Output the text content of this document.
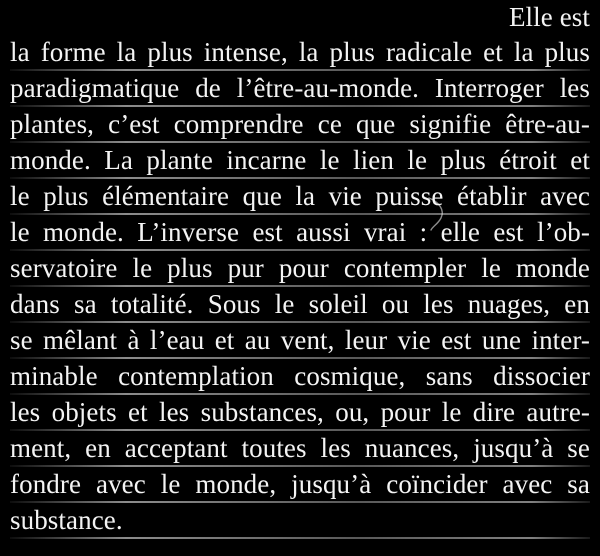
Elle est
la forme la plus intense, la plus radicale et la plus
paradigmatique de l’être-au-monde. Interroger les
plantes, c’est comprendre ce que signifie être-au-
monde. La plante incarne le lien le plus étroit et
le plus élémentaire que la vie puisse établir avec
le monde. L’inverse est aussi vrai : elle est l’ob-
servatoire le plus pur pour contempler le monde
dans sa totalité. Sous le soleil ou les nuages, en
se mêlant à l’eau et au vent, leur vie est une inter-
minable contemplation cosmique, sans dissocier
les objets et les substances, ou, pour le dire autre-
ment, en acceptant toutes les nuances, jusqu’à se
fondre avec le monde, jusqu’à coïncider avec sa
substance.
